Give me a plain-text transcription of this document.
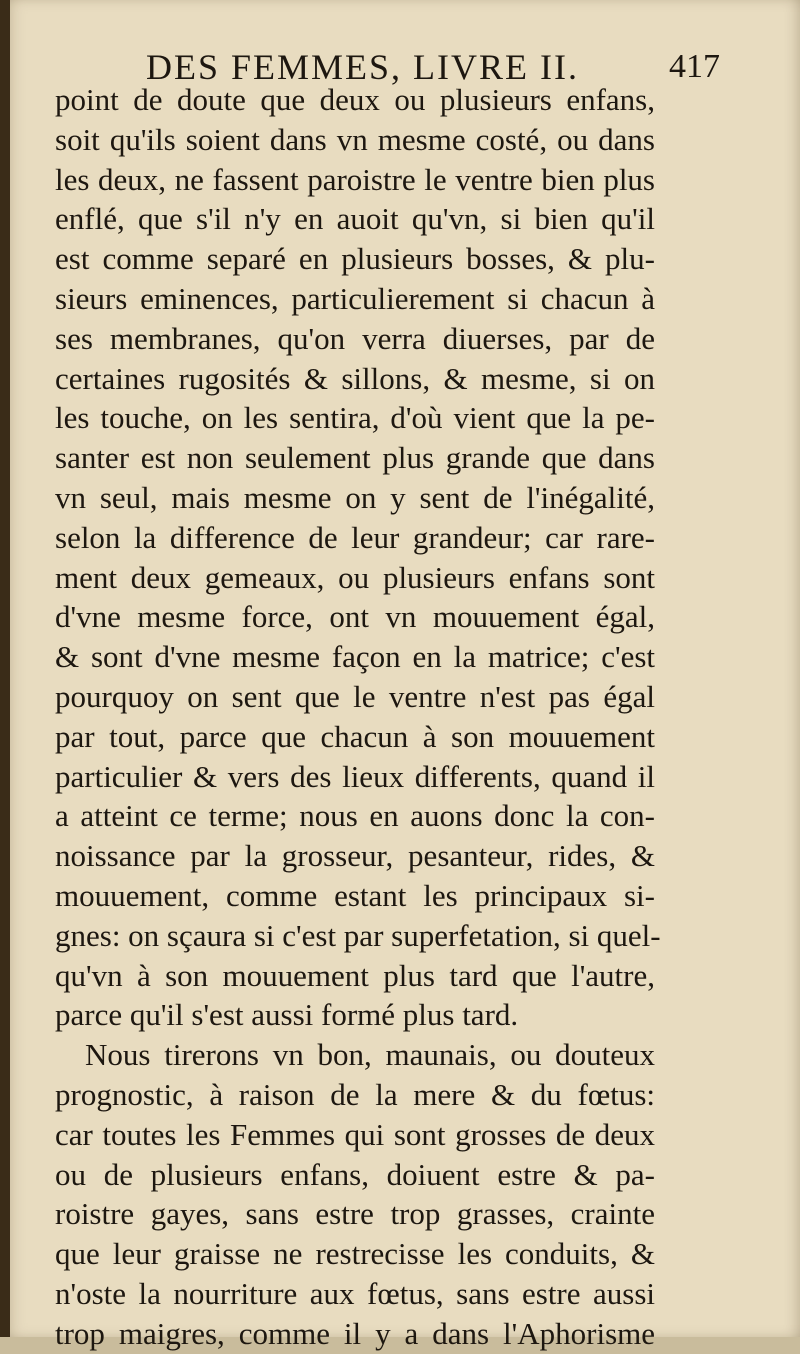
DES FEMMES, LIVRE II.	417
point de doute que deux ou plusieurs enfans,
soit qu'ils soient dans vn mesme costé, ou dans
les deux, ne fassent paroistre le ventre bien plus
enflé, que s'il n'y en auoit qu'vn, si bien qu'il
est comme separé en plusieurs bosses, & plu-
sieurs eminences, particulierement si chacun à
ses membranes, qu'on verra diuerses, par de
certaines rugosités & sillons, & mesme, si on
les touche, on les sentira, d'où vient que la pe-
santer est non seulement plus grande que dans
vn seul, mais mesme on y sent de l'inégalité,
selon la difference de leur grandeur; car rare-
ment deux gemeaux, ou plusieurs enfans sont
d'vne mesme force, ont vn mouuement égal,
& sont d'vne mesme façon en la matrice; c'est
pourquoy on sent que le ventre n'est pas égal
par tout, parce que chacun à son mouuement
particulier & vers des lieux differents, quand il
a atteint ce terme; nous en auons donc la con-
noissance par la grosseur, pesanteur, rides, &
mouuement, comme estant les principaux si-
gnes: on sçaura si c'est par superfetation, si quel-
qu'vn à son mouuement plus tard que l'autre,
parce qu'il s'est aussi formé plus tard.
Nous tirerons vn bon, maunais, ou douteux
prognostic, à raison de la mere & du fœtus:
car toutes les Femmes qui sont grosses de deux
ou de plusieurs enfans, doiuent estre & pa-
roistre gayes, sans estre trop grasses, crainte
que leur graisse ne restrecisse les conduits, &
n'oste la nourriture aux fœtus, sans estre aussi
trop maigres, comme il y a dans l'Aphorisme
